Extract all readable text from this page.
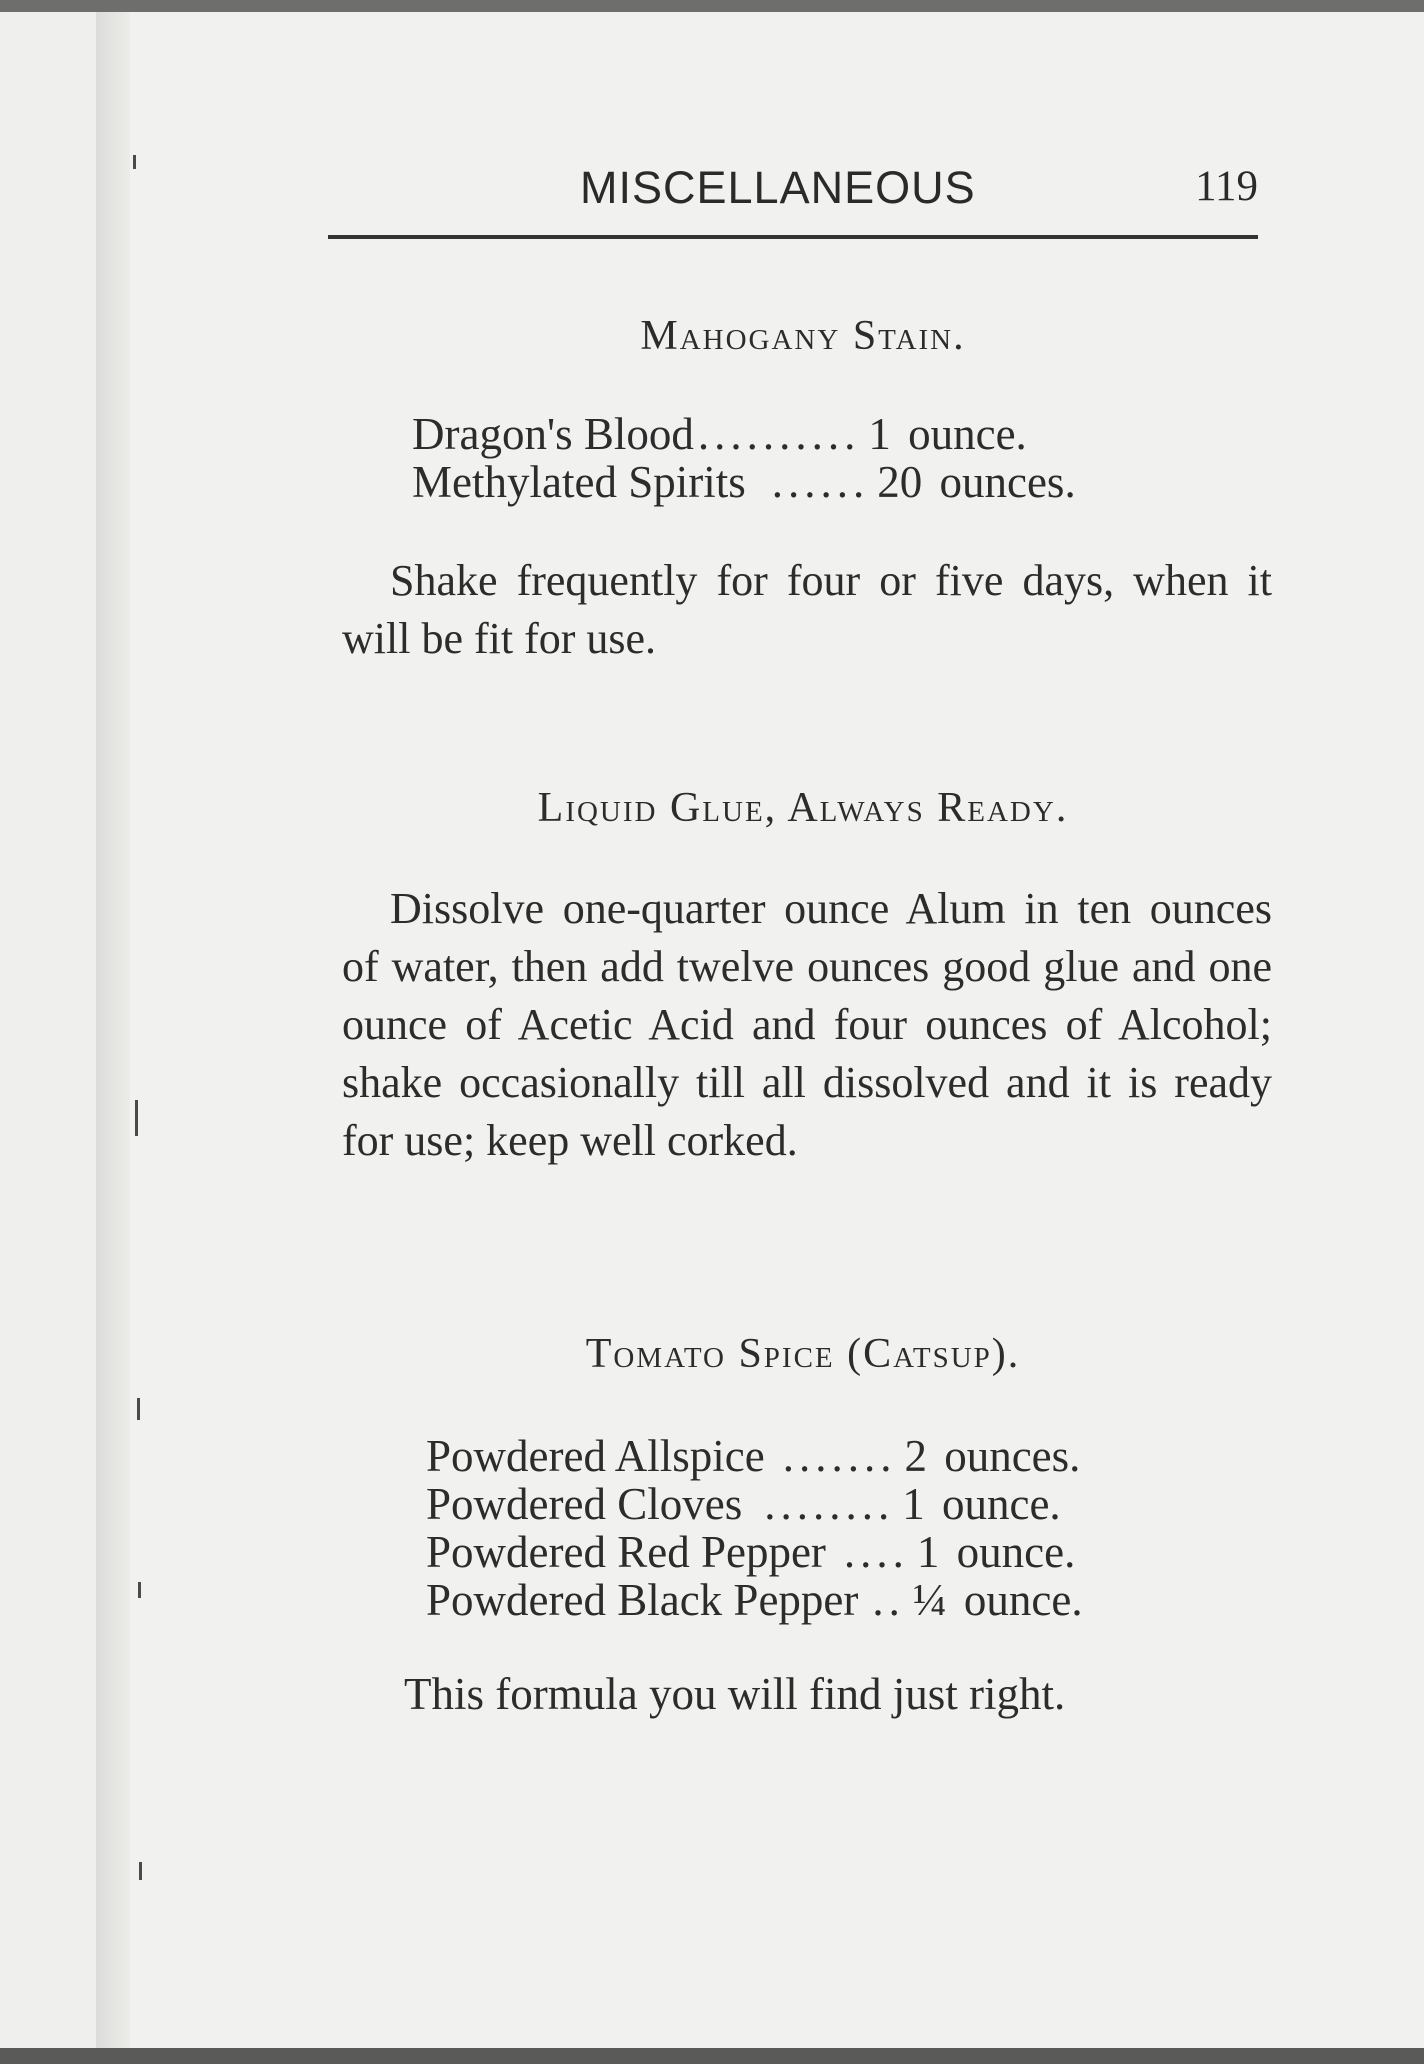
MISCELLANEOUS	119
Mahogany Stain.
Dragon's Blood .......... 1 ounce.
Methylated Spirits ...... 20 ounces.
Shake frequently for four or five days, when it will be fit for use.
Liquid Glue, Always Ready.
Dissolve one-quarter ounce Alum in ten ounces of water, then add twelve ounces good glue and one ounce of Acetic Acid and four ounces of Alcohol; shake occasionally till all dissolved and it is ready for use; keep well corked.
Tomato Spice (Catsup).
Powdered Allspice ....... 2 ounces.
Powdered Cloves ........ 1 ounce.
Powdered Red Pepper .... 1 ounce.
Powdered Black Pepper .. ¼ ounce.
This formula you will find just right.
